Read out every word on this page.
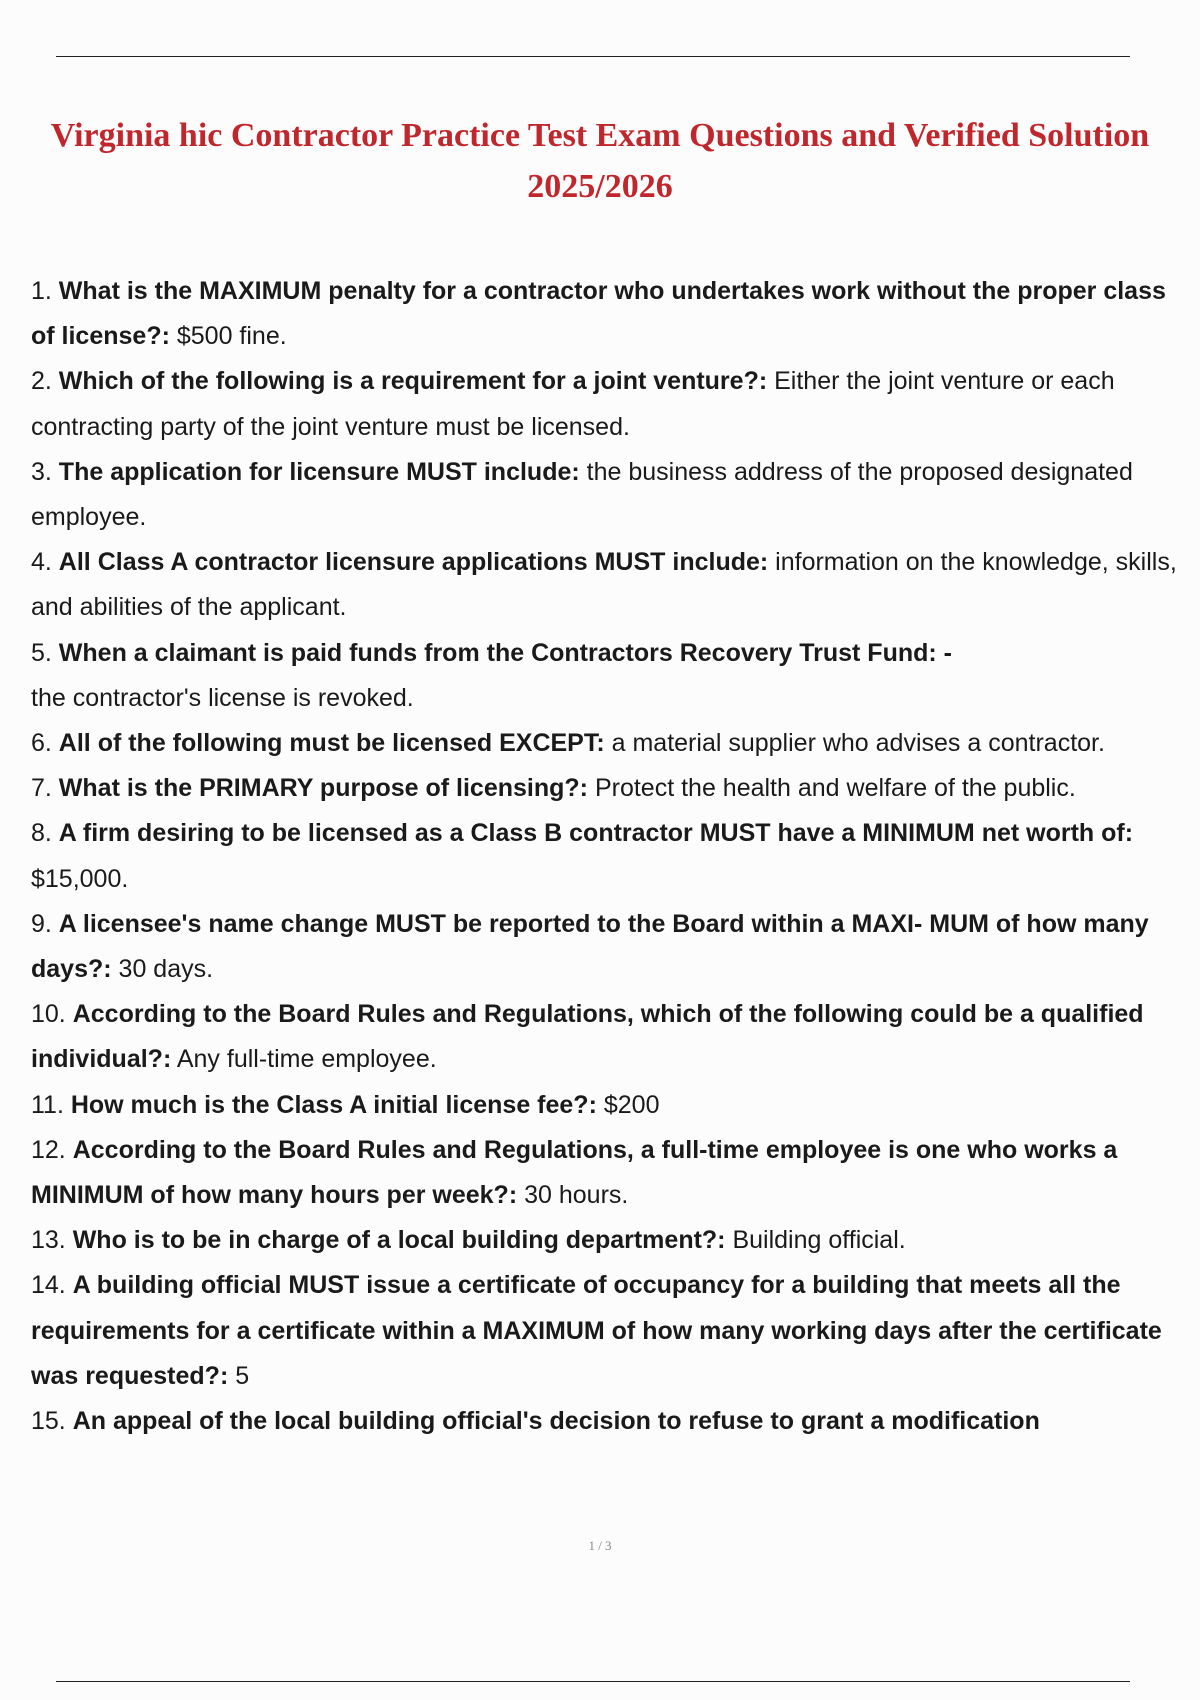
Virginia hic Contractor Practice Test Exam Questions and Verified Solution
2025/2026
1. What is the MAXIMUM penalty for a contractor who undertakes work without the proper class of license?: $500 fine.
2. Which of the following is a requirement for a joint venture?: Either the joint venture or each contracting party of the joint venture must be licensed.
3. The application for licensure MUST include: the business address of the proposed designated employee.
4. All Class A contractor licensure applications MUST include: information on the knowledge, skills, and abilities of the applicant.
5. When a claimant is paid funds from the Contractors Recovery Trust Fund: -
the contractor's license is revoked.
6. All of the following must be licensed EXCEPT: a material supplier who advises a contractor.
7. What is the PRIMARY purpose of licensing?: Protect the health and welfare of the public.
8. A firm desiring to be licensed as a Class B contractor MUST have a MINIMUM net worth of: $15,000.
9. A licensee's name change MUST be reported to the Board within a MAXI- MUM of how many days?: 30 days.
10. According to the Board Rules and Regulations, which of the following could be a qualified individual?: Any full-time employee.
11. How much is the Class A initial license fee?: $200
12. According to the Board Rules and Regulations, a full-time employee is one who works a MINIMUM of how many hours per week?: 30 hours.
13. Who is to be in charge of a local building department?: Building official.
14. A building official MUST issue a certificate of occupancy for a building that meets all the requirements for a certificate within a MAXIMUM of how many working days after the certificate was requested?: 5
15. An appeal of the local building official's decision to refuse to grant a modification
1 / 3
